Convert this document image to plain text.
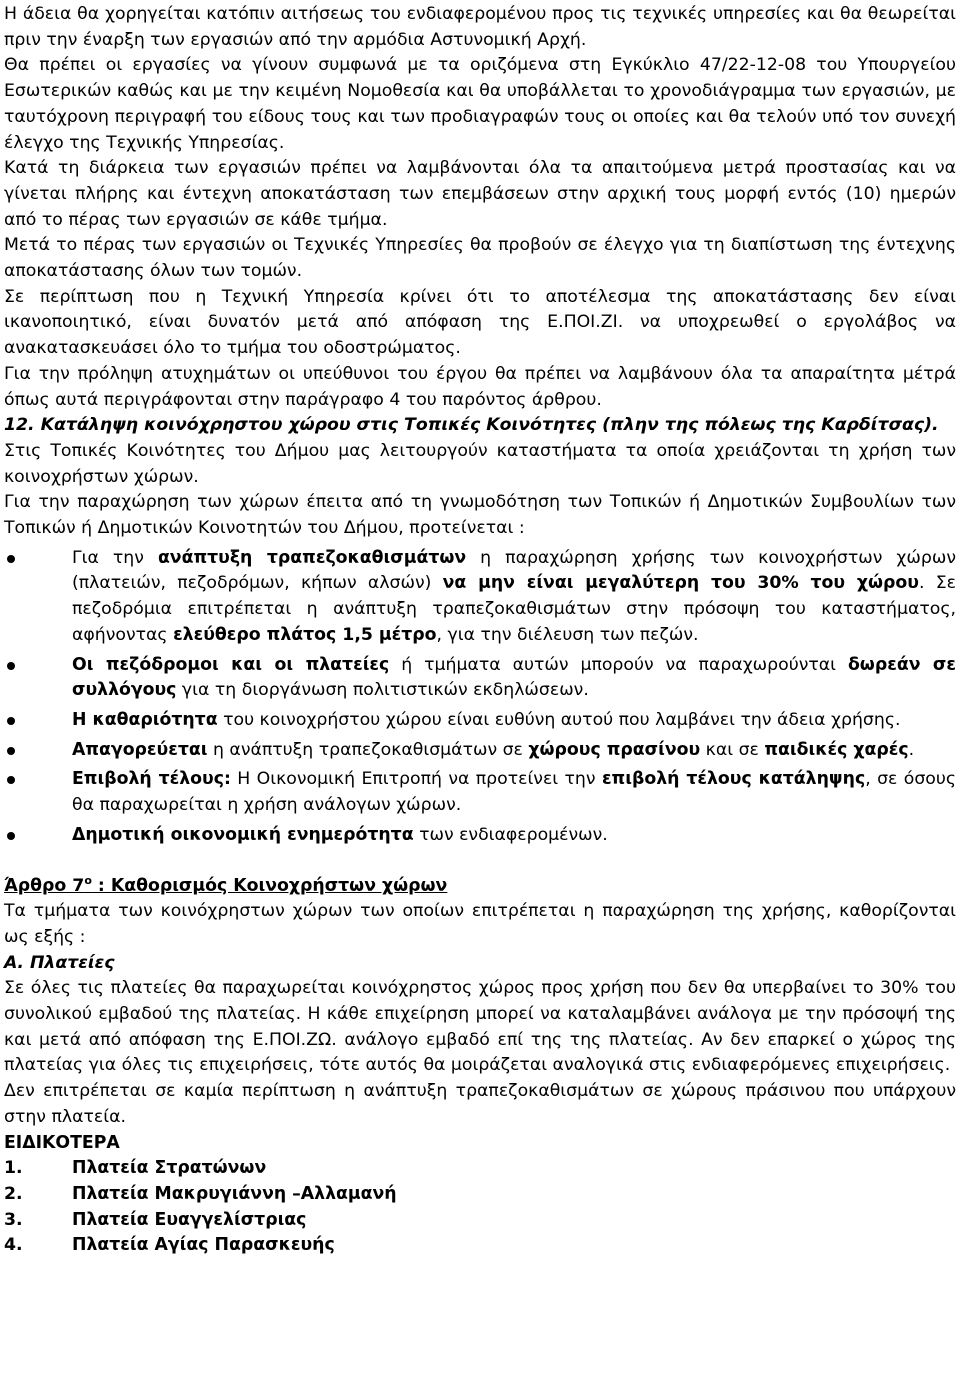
Η άδεια θα χορηγείται κατόπιν αιτήσεως του ενδιαφερομένου προς τις τεχνικές υπηρεσίες και θα θεωρείται πριν την έναρξη των εργασιών από την αρμόδια Αστυνομική Αρχή.

Θα πρέπει οι εργασίες να γίνουν συμφωνά με τα οριζόμενα στη Εγκύκλιο 47/22-12-08 του Υπουργείου Εσωτερικών καθώς και με την κειμένη Νομοθεσία και θα υποβάλλεται το χρονοδιάγραμμα των εργασιών, με ταυτόχρονη περιγραφή του είδους τους και των προδιαγραφών τους οι οποίες και θα τελούν υπό τον συνεχή έλεγχο της Τεχνικής Υπηρεσίας.

Κατά τη διάρκεια των εργασιών πρέπει να λαμβάνονται όλα τα απαιτούμενα μετρά προστασίας και να γίνεται πλήρης και έντεχνη αποκατάσταση των επεμβάσεων στην αρχική τους μορφή εντός (10) ημερών από το πέρας των εργασιών σε κάθε τμήμα.

Μετά το πέρας των εργασιών οι Τεχνικές Υπηρεσίες θα προβούν σε έλεγχο για τη διαπίστωση της έντεχνης αποκατάστασης όλων των τομών.

Σε περίπτωση που η Τεχνική Υπηρεσία κρίνει ότι το αποτέλεσμα της αποκατάστασης δεν είναι ικανοποιητικό, είναι δυνατόν μετά από απόφαση της Ε.ΠΟΙ.ΖΙ. να υποχρεωθεί ο εργολάβος να ανακατασκευάσει όλο το τμήμα του οδοστρώματος.

Για την πρόληψη ατυχημάτων οι υπεύθυνοι του έργου θα πρέπει να λαμβάνουν όλα τα απαραίτητα μέτρά όπως αυτά περιγράφονται στην παράγραφο 4 του παρόντος άρθρου.

12. Κατάληψη κοινόχρηστου χώρου στις Τοπικές Κοινότητες (πλην της πόλεως της Καρδίτσας).

Στις Τοπικές Κοινότητες του Δήμου μας λειτουργούν καταστήματα τα οποία χρειάζονται τη χρήση των κοινοχρήστων χώρων.

Για την παραχώρηση των χώρων έπειτα από τη γνωμοδότηση των Τοπικών ή Δημοτικών Συμβουλίων των Τοπικών ή Δημοτικών Κοινοτητών του Δήμου, προτείνεται :

Για την ανάπτυξη τραπεζοκαθισμάτων η παραχώρηση χρήσης των κοινοχρήστων χώρων (πλατειών, πεζοδρόμων, κήπων αλσών) να μην είναι μεγαλύτερη του 30% του χώρου. Σε πεζοδρόμια επιτρέπεται η ανάπτυξη τραπεζοκαθισμάτων στην πρόσοψη του καταστήματος, αφήνοντας ελεύθερο πλάτος 1,5 μέτρο, για την διέλευση των πεζών.
Οι πεζόδρομοι και οι πλατείες ή τμήματα αυτών μπορούν να παραχωρούνται δωρεάν σε συλλόγους για τη διοργάνωση πολιτιστικών εκδηλώσεων.
Η καθαριότητα του κοινοχρήστου χώρου είναι ευθύνη αυτού που λαμβάνει την άδεια χρήσης.
Απαγορεύεται η ανάπτυξη τραπεζοκαθισμάτων σε χώρους πρασίνου και σε παιδικές χαρές.
Επιβολή τέλους: Η Οικονομική Επιτροπή να προτείνει την επιβολή τέλους κατάληψης, σε όσους θα παραχωρείται η χρήση ανάλογων χώρων.
Δημοτική οικονομική ενημερότητα των ενδιαφερομένων.

Άρθρο $7^o$ : Καθορισμός Κοινοχρήστων χώρων

Τα τμήματα των κοινόχρηστων χώρων των οποίων επιτρέπεται η παραχώρηση της χρήσης, καθορίζονται ως εξής :

Α. Πλατείες

Σε όλες τις πλατείες θα παραχωρείται κοινόχρηστος χώρος προς χρήση που δεν θα υπερβαίνει το 30% του συνολικού εμβαδού της πλατείας. Η κάθε επιχείρηση μπορεί να καταλαμβάνει ανάλογα με την πρόσοψή της και μετά από απόφαση της Ε.ΠΟΙ.ΖΩ. ανάλογο εμβαδό επί της της πλατείας. Αν δεν επαρκεί ο χώρος της πλατείας για όλες τις επιχειρήσεις, τότε αυτός θα μοιράζεται αναλογικά στις ενδιαφερόμενες επιχειρήσεις.

Δεν επιτρέπεται σε καμία περίπτωση η ανάπτυξη τραπεζοκαθισμάτων σε χώρους πράσινου που υπάρχουν στην πλατεία.

ΕΙΔΙΚΟΤΕΡΑ

1.	Πλατεία Στρατώνων
2.	Πλατεία Μακρυγιάννη –Αλλαμανή
3.	Πλατεία Ευαγγελίστριας
4.	Πλατεία Αγίας Παρασκευής
